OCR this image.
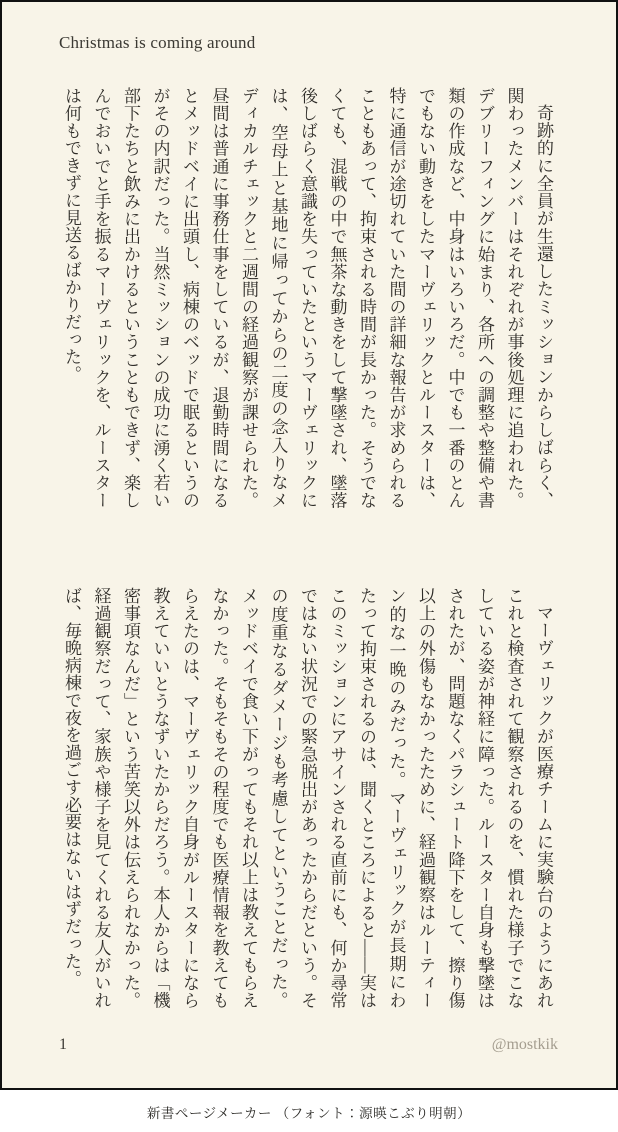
Christmas is coming around

奇跡的に全員が生還したミッションからしばらく、関わったメンバーはそれぞれが事後処理に追われた。デブリーフィングに始まり、各所への調整や整備や書類の作成など、中身はいろいろだ。中でも一番のとんでもない動きをしたマーヴェリックとルースターは、特に通信が途切れていた間の詳細な報告が求められることもあって、拘束される時間が長かった。そうでなくても、混戦の中で無茶な動きをして撃墜され、墜落後しばらく意識を失っていたというマーヴェリックには、空母上と基地に帰ってからの二度の念入りなメディカルチェックと二週間の経過観察が課せられた。昼間は普通に事務仕事をしているが、退勤時間になるとメッドベイに出頭し、病棟のベッドで眠るというのがその内訳だった。当然ミッションの成功に湧く若い部下たちと飲みに出かけるということもできず、楽しんでおいでと手を振るマーヴェリックを、ルースターは何もできずに見送るばかりだった。

マーヴェリックが医療チームに実験台のようにあれこれと検査されて観察されるのを、慣れた様子でこなしている姿が神経に障った。ルースター自身も撃墜はされたが、問題なくパラシュート降下をして、擦り傷以上の外傷もなかったために、経過観察はルーティーン的な一晩のみだった。マーヴェリックが長期にわたって拘束されるのは、聞くところによると——実はこのミッションにアサインされる直前にも、何か尋常ではない状況での緊急脱出があったからだという。その度重なるダメージも考慮してということだった。メッドベイで食い下がってもそれ以上は教えてもらえなかった。そもそもその程度でも医療情報を教えてもらえたのは、マーヴェリック自身がルースターになら教えていいとうなずいたからだろう。本人からは「機密事項なんだ」という苦笑以外は伝えられなかった。経過観察だって、家族や様子を見てくれる友人がいれば、毎晩病棟で夜を過ごす必要はないはずだった。

1	@mostkik
新書ページメーカー （フォント：源暎こぶり明朝）
